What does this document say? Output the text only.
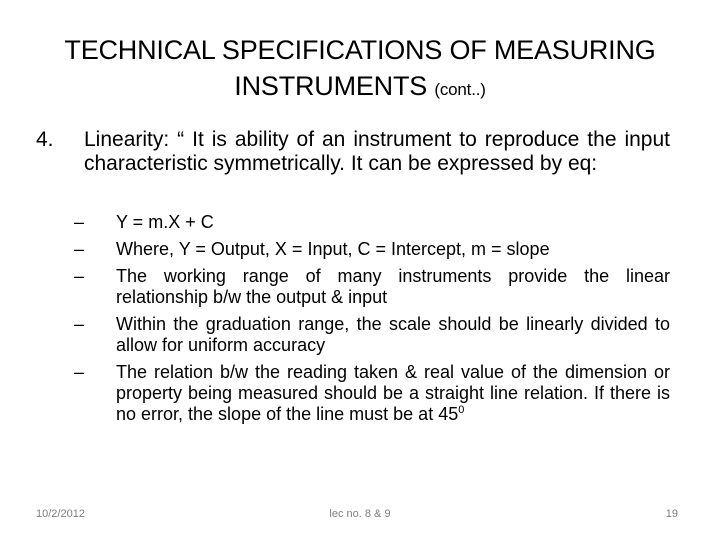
TECHNICAL SPECIFICATIONS OF MEASURING
INSTRUMENTS (cont..)
4. Linearity: “ It is ability of an instrument to reproduce the input characteristic symmetrically. It can be expressed by eq:
– Y = m.X + C
– Where, Y = Output, X = Input, C = Intercept, m = slope
– The working range of many instruments provide the linear relationship b/w the output & input
– Within the graduation range, the scale should be linearly divided to allow for uniform accuracy
– The relation b/w the reading taken & real value of the dimension or property being measured should be a straight line relation. If there is no error, the slope of the line must be at $45^0$
10/2/2012	lec no. 8 & 9	19
